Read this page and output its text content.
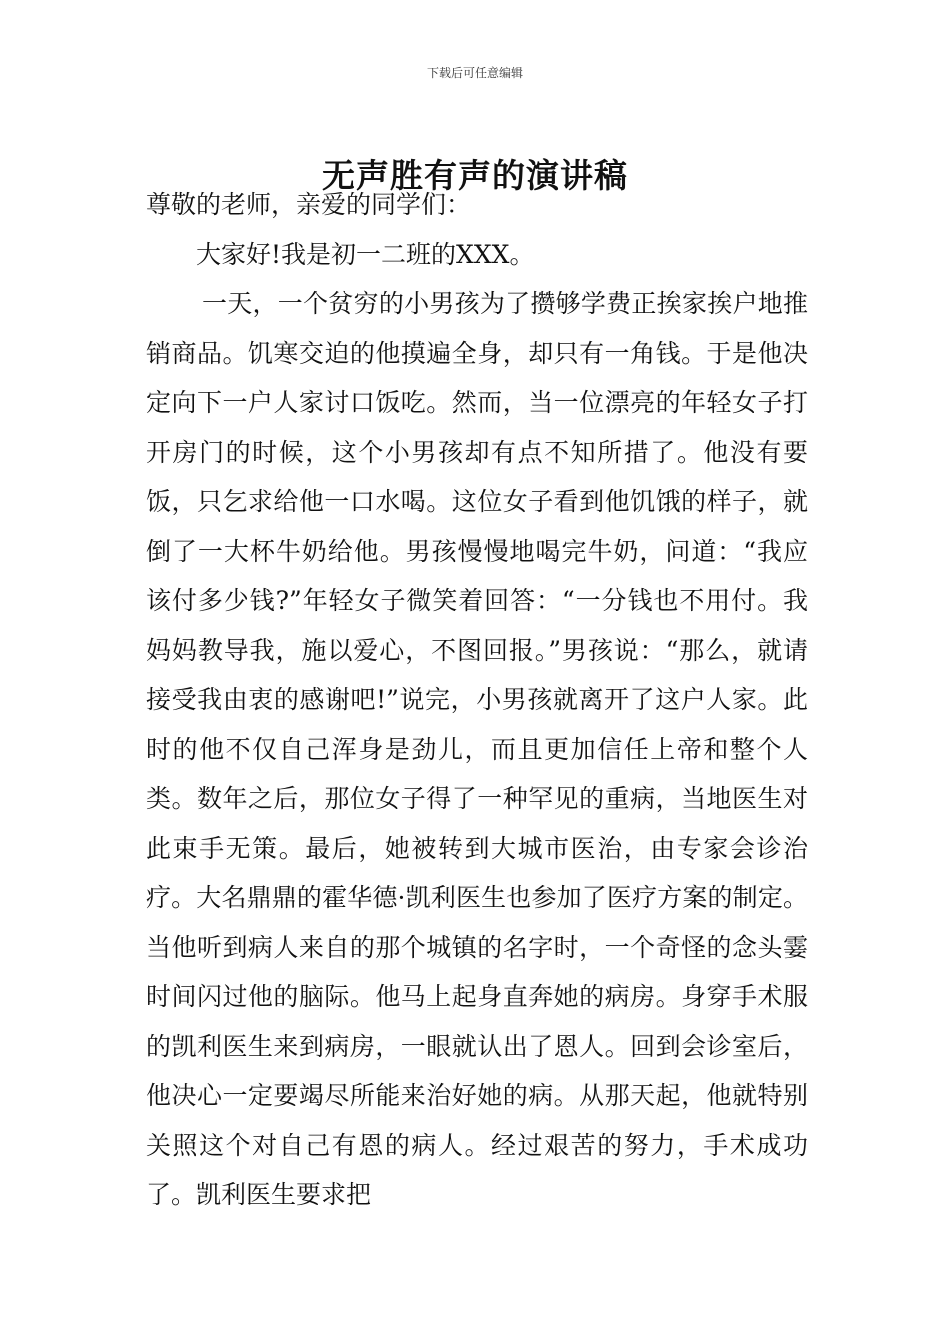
下载后可任意编辑
无声胜有声的演讲稿

尊敬的老师，亲爱的同学们：

大家好!我是初一二班的XXX。

一天，一个贫穷的小男孩为了攒够学费正挨家挨户地推销商品。饥寒交迫的他摸遍全身，却只有一角钱。于是他决定向下一户人家讨口饭吃。然而，当一位漂亮的年轻女子打开房门的时候，这个小男孩却有点不知所措了。他没有要饭，只乞求给他一口水喝。这位女子看到他饥饿的样子，就倒了一大杯牛奶给他。男孩慢慢地喝完牛奶，问道：“我应该付多少钱?”年轻女子微笑着回答：“一分钱也不用付。我妈妈教导我，施以爱心，不图回报。”男孩说：“那么，就请接受我由衷的感谢吧!”说完，小男孩就离开了这户人家。此时的他不仅自己浑身是劲儿，而且更加信任上帝和整个人类。数年之后，那位女子得了一种罕见的重病，当地医生对此束手无策。最后，她被转到大城市医治，由专家会诊治疗。大名鼎鼎的霍华德·凯利医生也参加了医疗方案的制定。当他听到病人来自的那个城镇的名字时，一个奇怪的念头霎时间闪过他的脑际。他马上起身直奔她的病房。身穿手术服的凯利医生来到病房，一眼就认出了恩人。回到会诊室后，他决心一定要竭尽所能来治好她的病。从那天起，他就特别关照这个对自己有恩的病人。经过艰苦的努力，手术成功了。凯利医生要求把
